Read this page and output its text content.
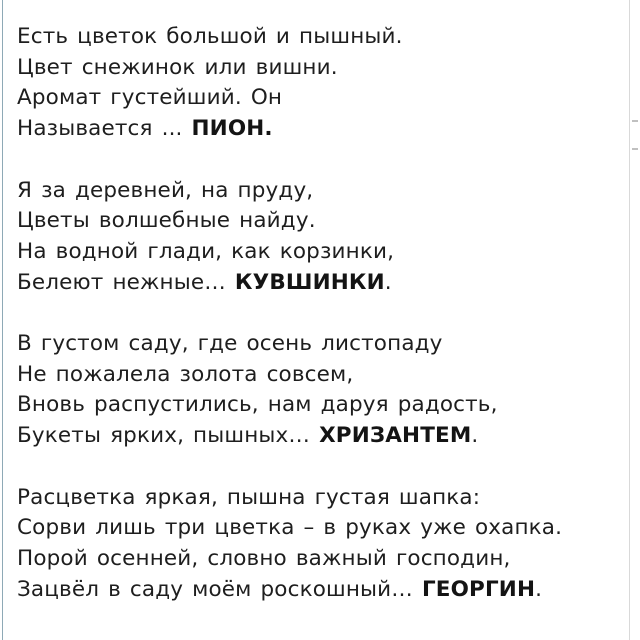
Есть цветок большой и пышный.
Цвет снежинок или вишни.
Аромат густейший. Он
Называется ... ПИОН.
Я за деревней, на пруду,
Цветы волшебные найду.
На водной глади, как корзинки,
Белеют нежные… КУВШИНКИ.
В густом саду, где осень листопаду
Не пожалела золота совсем,
Вновь распустились, нам даруя радость,
Букеты ярких, пышных… ХРИЗАНТЕМ.
Расцветка яркая, пышна густая шапка:
Сорви лишь три цветка – в руках уже охапка.
Порой осенней, словно важный господин,
Зацвёл в саду моём роскошный… ГЕОРГИН.
